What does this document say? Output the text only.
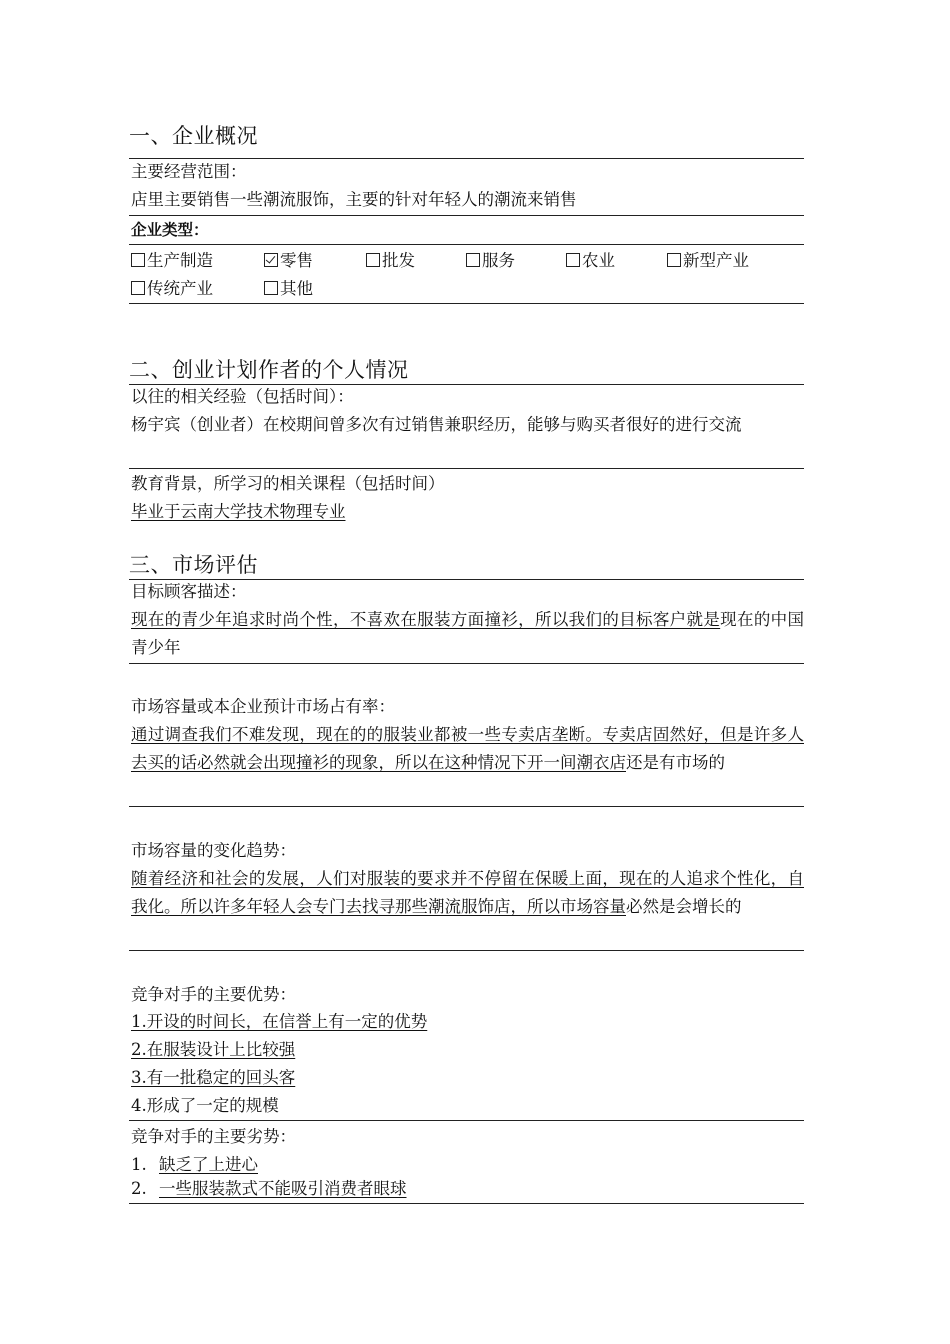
一、企业概况
主要经营范围：
店里主要销售一些潮流服饰，主要的针对年轻人的潮流来销售
企业类型：
生产制造	零售	批发	服务	农业	新型产业
传统产业	其他
二、创业计划作者的个人情况
以往的相关经验（包括时间）：
杨宇宾（创业者）在校期间曾多次有过销售兼职经历，能够与购买者很好的进行交流
教育背景，所学习的相关课程（包括时间）
毕业于云南大学技术物理专业
三、市场评估
目标顾客描述：
现在的青少年追求时尚个性，不喜欢在服装方面撞衫，所以我们的目标客户就是现在的中国青少年
市场容量或本企业预计市场占有率：
通过调查我们不难发现，现在的的服装业都被一些专卖店垄断。专卖店固然好，但是许多人去买的话必然就会出现撞衫的现象，所以在这种情况下开一间潮衣店还是有市场的
市场容量的变化趋势：
随着经济和社会的发展，人们对服装的要求并不停留在保暖上面，现在的人追求个性化，自我化。所以许多年轻人会专门去找寻那些潮流服饰店，所以市场容量必然是会增长的
竞争对手的主要优势：
1.开设的时间长，在信誉上有一定的优势
2.在服装设计上比较强
3.有一批稳定的回头客
4.形成了一定的规模
竞争对手的主要劣势：
1. 缺乏了上进心
2. 一些服装款式不能吸引消费者眼球
